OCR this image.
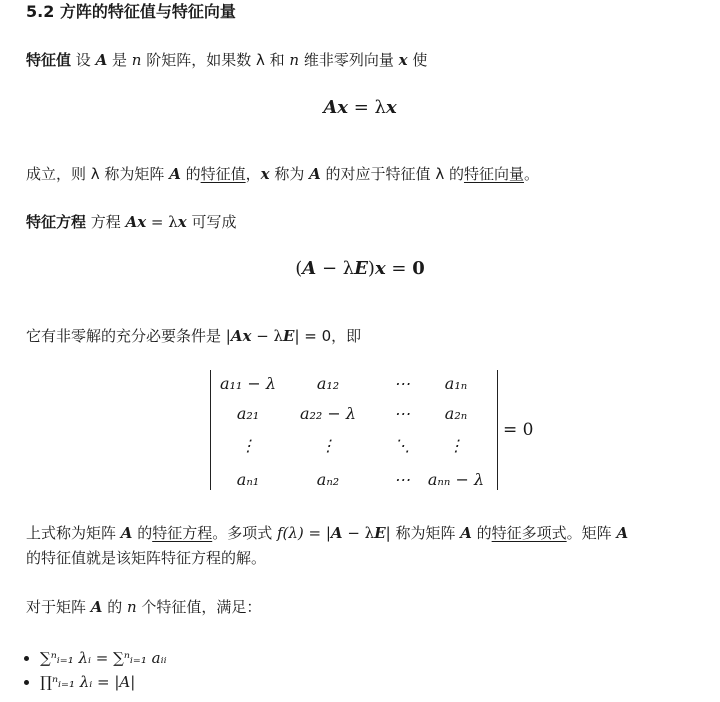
5.2 方阵的特征值与特征向量
特征值 设 A 是 n 阶矩阵，如果数 λ 和 n 维非零列向量 x 使
Ax = λx
成立，则 λ 称为矩阵 A 的特征值，x 称为 A 的对应于特征值 λ 的特征向量。
特征方程 方程 Ax = λx 可写成
(A − λE)x = 0
它有非零解的充分必要条件是 |Ax − λE| = 0，即
a₁₁ − λ	a₁₂	⋯	a₁ₙ
a₂₁	a₂₂ − λ	⋯	a₂ₙ
⋮	⋮	⋱	⋮
aₙ₁	aₙ₂	⋯	aₙₙ − λ
= 0
上式称为矩阵 A 的特征方程。多项式 f(λ) = |A − λE| 称为矩阵 A 的特征多项式。矩阵 A
的特征值就是该矩阵特征方程的解。
对于矩阵 A 的 n 个特征值，满足：
• ∑ⁿᵢ₌₁ λᵢ = ∑ⁿᵢ₌₁ aᵢᵢ
• ∏ⁿᵢ₌₁ λᵢ = |A|
